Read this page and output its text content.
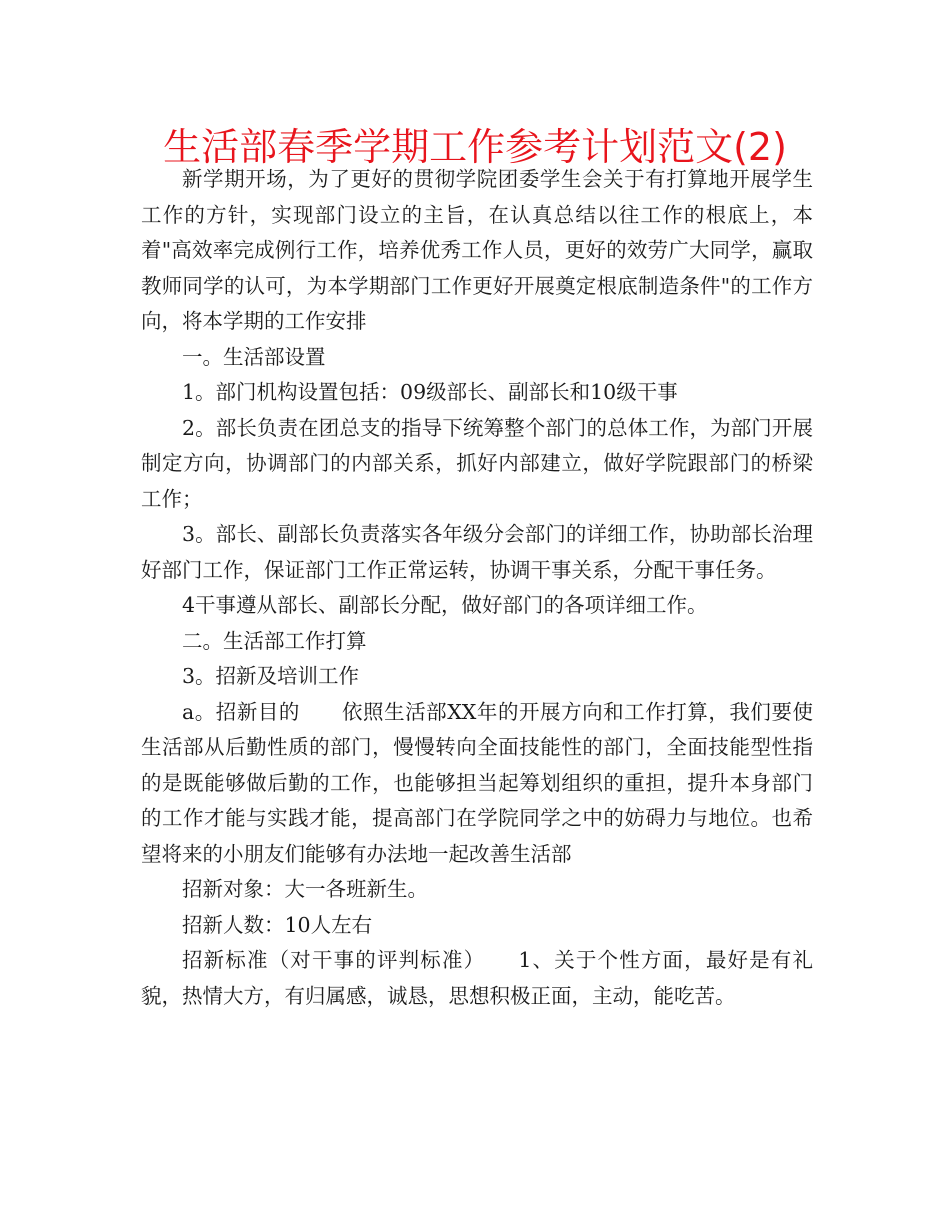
生活部春季学期工作参考计划范文(2)

新学期开场，为了更好的贯彻学院团委学生会关于有打算地开展学生工作的方针，实现部门设立的主旨，在认真总结以往工作的根底上，本着"高效率完成例行工作，培养优秀工作人员，更好的效劳广大同学，赢取教师同学的认可，为本学期部门工作更好开展奠定根底制造条件"的工作方向，将本学期的工作安排

一。生活部设置

1。部门机构设置包括：09级部长、副部长和10级干事

2。部长负责在团总支的指导下统筹整个部门的总体工作，为部门开展制定方向，协调部门的内部关系，抓好内部建立，做好学院跟部门的桥梁工作；

3。部长、副部长负责落实各年级分会部门的详细工作，协助部长治理好部门工作，保证部门工作正常运转，协调干事关系，分配干事任务。

4干事遵从部长、副部长分配，做好部门的各项详细工作。

二。生活部工作打算

3。招新及培训工作

a。招新目的　　依照生活部XX年的开展方向和工作打算，我们要使生活部从后勤性质的部门，慢慢转向全面技能性的部门，全面技能型性指的是既能够做后勤的工作，也能够担当起筹划组织的重担，提升本身部门的工作才能与实践才能，提高部门在学院同学之中的妨碍力与地位。也希望将来的小朋友们能够有办法地一起改善生活部

招新对象：大一各班新生。

招新人数：10人左右

招新标准（对干事的评判标准）　　1、关于个性方面，最好是有礼貌，热情大方，有归属感，诚恳，思想积极正面，主动，能吃苦。
